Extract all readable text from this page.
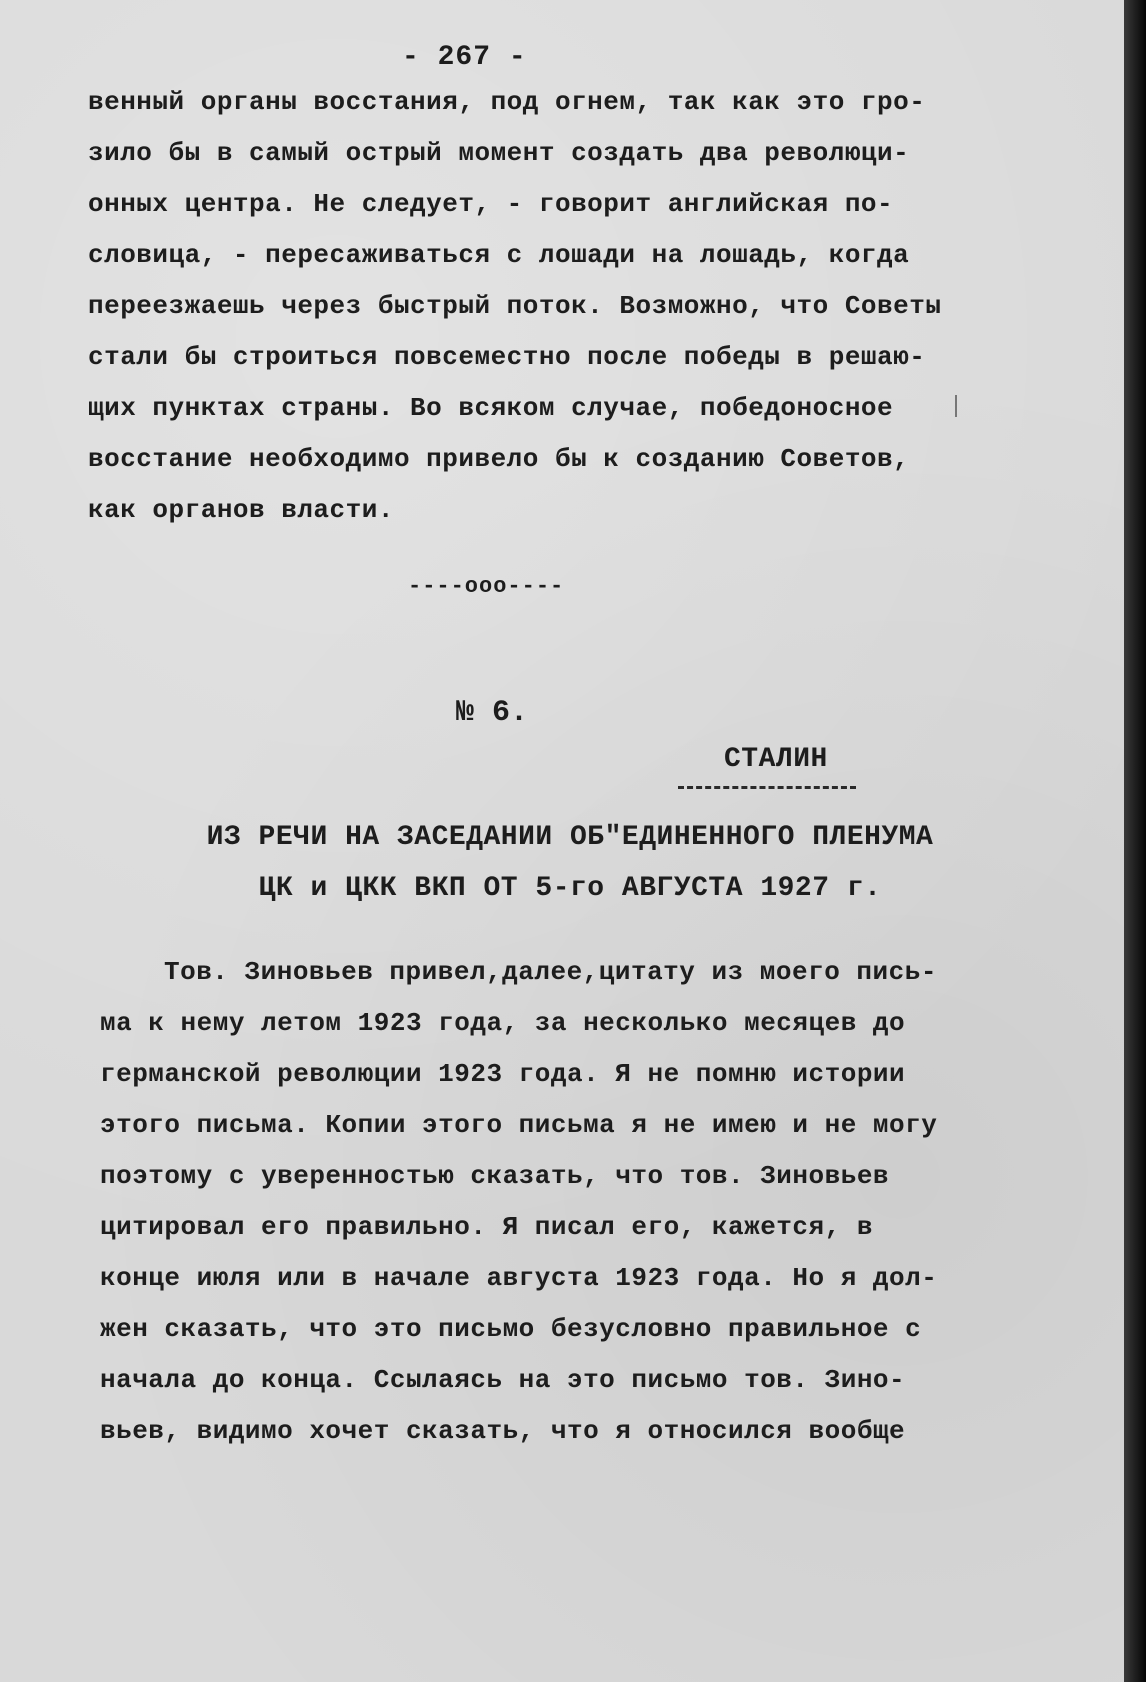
- 267 -
венный органы восстания, под огнем, так как это гро-
зило бы в самый острый момент создать два революци-
онных центра. Не следует, - говорит английская по-
словица, - пересаживаться с лошади на лошадь, когда
переезжаешь через быстрый поток. Возможно, что Советы
стали бы строиться повсеместно после победы в решаю-
щих пунктах страны. Во всяком случае, победоносное
восстание необходимо привело бы к созданию Советов,
как органов власти.
----ооо----
№ 6.
СТАЛИН
ИЗ РЕЧИ НА ЗАСЕДАНИИ ОБ"ЕДИНЕННОГО ПЛЕНУМА
ЦК и ЦКК ВКП ОТ 5-го АВГУСТА 1927 г.
Тов. Зиновьев привел,далее,цитату из моего пись-
ма к нему летом 1923 года, за несколько месяцев до
германской революции 1923 года. Я не помню истории
этого письма. Копии этого письма я не имею и не могу
поэтому с уверенностью сказать, что тов. Зиновьев
цитировал его правильно. Я писал его, кажется, в
конце июля или в начале августа 1923 года. Но я дол-
жен сказать, что это письмо безусловно правильное с
начала до конца. Ссылаясь на это письмо тов. Зино-
вьев, видимо хочет сказать, что я относился вообще
